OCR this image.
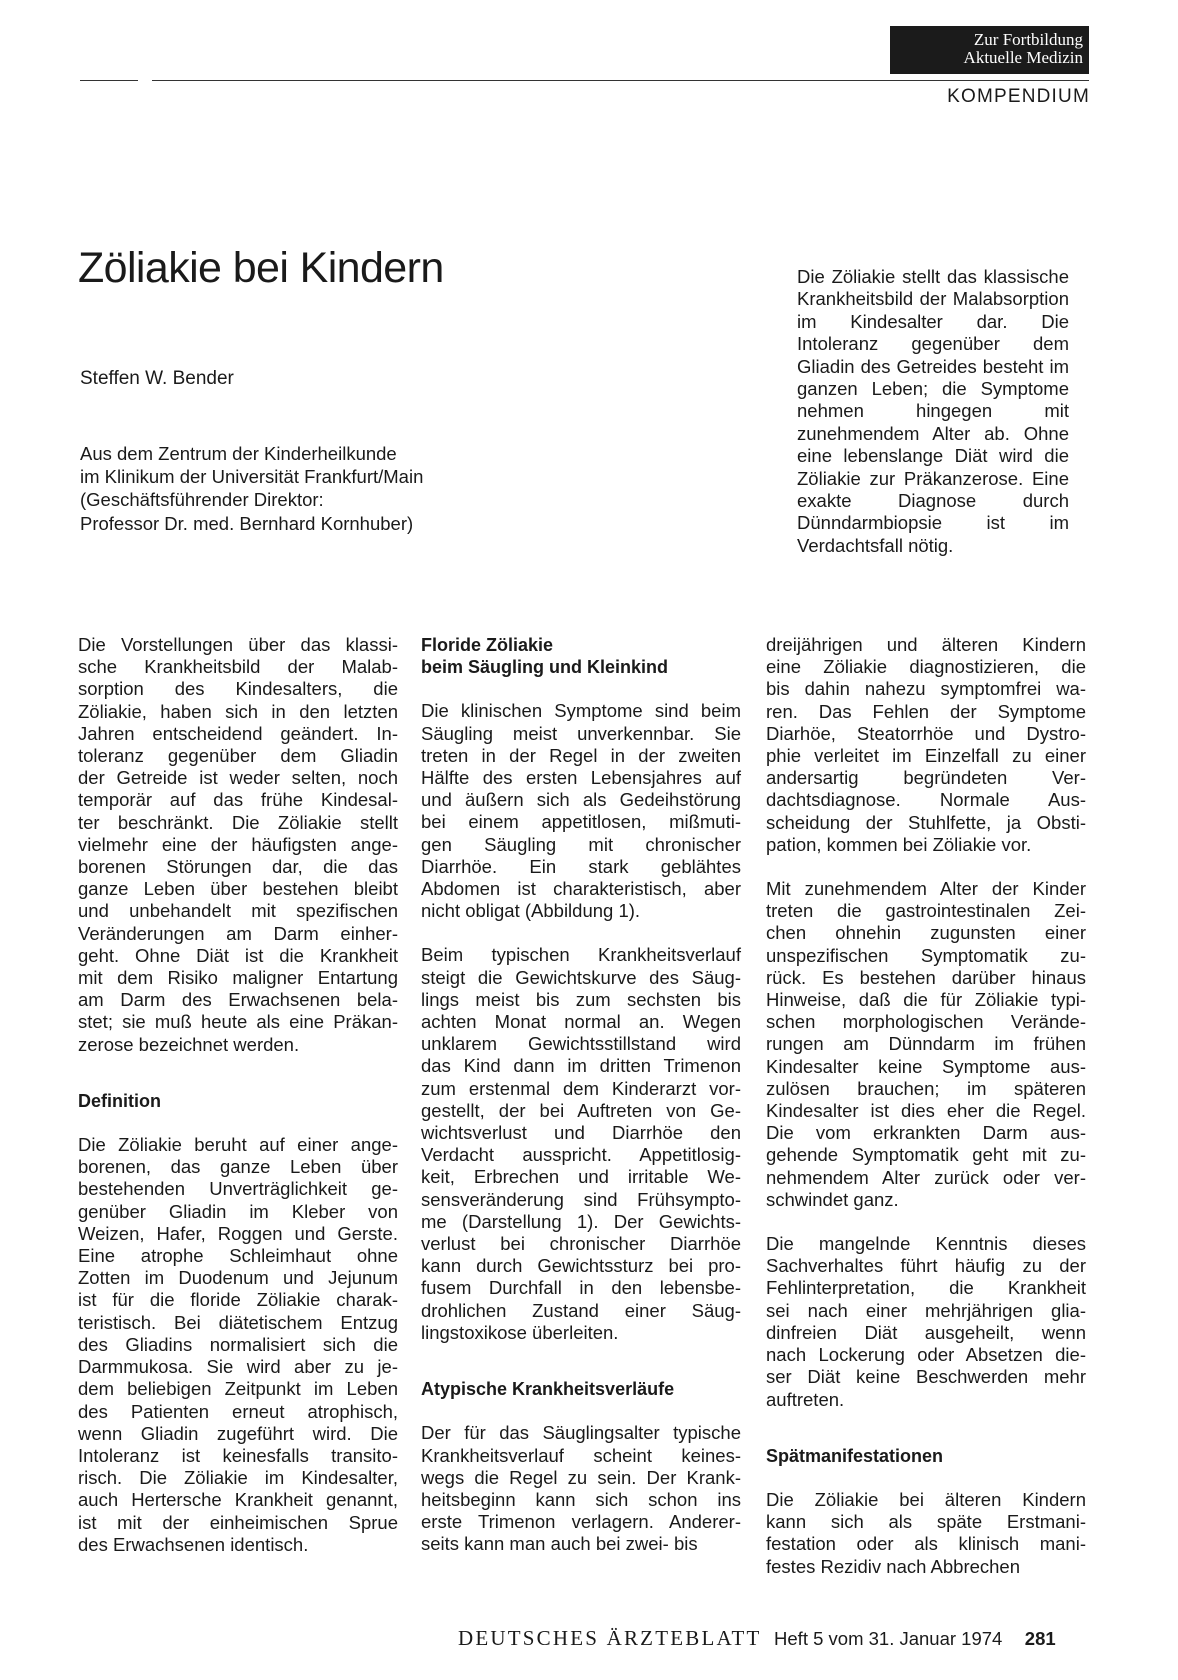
Zur Fortbildung
Aktuelle Medizin
KOMPENDIUM
Zöliakie bei Kindern
Steffen W. Bender
Aus dem Zentrum der Kinderheilkunde
im Klinikum der Universität Frankfurt/Main
(Geschäftsführender Direktor:
Professor Dr. med. Bernhard Kornhuber)
Die Zöliakie stellt das klassische Krankheitsbild der Malabsorption im Kindesalter dar. Die Intoleranz gegenüber dem Gliadin des Getreides besteht im ganzen Leben; die Symptome nehmen hingegen mit zunehmendem Alter ab. Ohne eine lebenslange Diät wird die Zöliakie zur Präkanzerose. Eine exakte Diagnose durch Dünndarmbiopsie ist im Verdachtsfall nötig.

Die Vorstellungen über das klassi-
sche Krankheitsbild der Malab-
sorption des Kindesalters, die
Zöliakie, haben sich in den letzten
Jahren entscheidend geändert. In-
toleranz gegenüber dem Gliadin
der Getreide ist weder selten, noch
temporär auf das frühe Kindesal-
ter beschränkt. Die Zöliakie stellt
vielmehr eine der häufigsten ange-
borenen Störungen dar, die das
ganze Leben über bestehen bleibt
und unbehandelt mit spezifischen
Veränderungen am Darm einher-
geht. Ohne Diät ist die Krankheit
mit dem Risiko maligner Entartung
am Darm des Erwachsenen bela-
stet; sie muß heute als eine Präkan-
zerose bezeichnet werden.

Definition

Die Zöliakie beruht auf einer ange-
borenen, das ganze Leben über
bestehenden Unverträglichkeit ge-
genüber Gliadin im Kleber von
Weizen, Hafer, Roggen und Gerste.
Eine atrophe Schleimhaut ohne
Zotten im Duodenum und Jejunum
ist für die floride Zöliakie charak-
teristisch. Bei diätetischem Entzug
des Gliadins normalisiert sich die
Darmmukosa. Sie wird aber zu je-
dem beliebigen Zeitpunkt im Leben
des Patienten erneut atrophisch,
wenn Gliadin zugeführt wird. Die
Intoleranz ist keinesfalls transito-
risch. Die Zöliakie im Kindesalter,
auch Hertersche Krankheit genannt,
ist mit der einheimischen Sprue
des Erwachsenen identisch.

Floride Zöliakie
beim Säugling und Kleinkind

Die klinischen Symptome sind beim
Säugling meist unverkennbar. Sie
treten in der Regel in der zweiten
Hälfte des ersten Lebensjahres auf
und äußern sich als Gedeihstörung
bei einem appetitlosen, mißmuti-
gen Säugling mit chronischer
Diarrhöe. Ein stark geblähtes
Abdomen ist charakteristisch, aber
nicht obligat (Abbildung 1).

Beim typischen Krankheitsverlauf
steigt die Gewichtskurve des Säug-
lings meist bis zum sechsten bis
achten Monat normal an. Wegen
unklarem Gewichtsstillstand wird
das Kind dann im dritten Trimenon
zum erstenmal dem Kinderarzt vor-
gestellt, der bei Auftreten von Ge-
wichtsverlust und Diarrhöe den
Verdacht ausspricht. Appetitlosig-
keit, Erbrechen und irritable We-
sensveränderung sind Frühsympto-
me (Darstellung 1). Der Gewichts-
verlust bei chronischer Diarrhöe
kann durch Gewichtssturz bei pro-
fusem Durchfall in den lebensbe-
drohlichen Zustand einer Säug-
lingstoxikose überleiten.

Atypische Krankheitsverläufe

Der für das Säuglingsalter typische
Krankheitsverlauf scheint keines-
wegs die Regel zu sein. Der Krank-
heitsbeginn kann sich schon ins
erste Trimenon verlagern. Anderer-
seits kann man auch bei zwei- bis

dreijährigen und älteren Kindern
eine Zöliakie diagnostizieren, die
bis dahin nahezu symptomfrei wa-
ren. Das Fehlen der Symptome
Diarhöe, Steatorrhöe und Dystro-
phie verleitet im Einzelfall zu einer
andersartig begründeten Ver-
dachtsdiagnose. Normale Aus-
scheidung der Stuhlfette, ja Obsti-
pation, kommen bei Zöliakie vor.

Mit zunehmendem Alter der Kinder
treten die gastrointestinalen Zei-
chen ohnehin zugunsten einer
unspezifischen Symptomatik zu-
rück. Es bestehen darüber hinaus
Hinweise, daß die für Zöliakie typi-
schen morphologischen Verände-
rungen am Dünndarm im frühen
Kindesalter keine Symptome aus-
zulösen brauchen; im späteren
Kindesalter ist dies eher die Regel.
Die vom erkrankten Darm aus-
gehende Symptomatik geht mit zu-
nehmendem Alter zurück oder ver-
schwindet ganz.

Die mangelnde Kenntnis dieses
Sachverhaltes führt häufig zu der
Fehlinterpretation, die Krankheit
sei nach einer mehrjährigen glia-
dinfreien Diät ausgeheilt, wenn
nach Lockerung oder Absetzen die-
ser Diät keine Beschwerden mehr
auftreten.

Spätmanifestationen

Die Zöliakie bei älteren Kindern
kann sich als späte Erstmani-
festation oder als klinisch mani-
festes Rezidiv nach Abbrechen

DEUTSCHES ÄRZTEBLATT Heft 5 vom 31. Januar 1974 281
